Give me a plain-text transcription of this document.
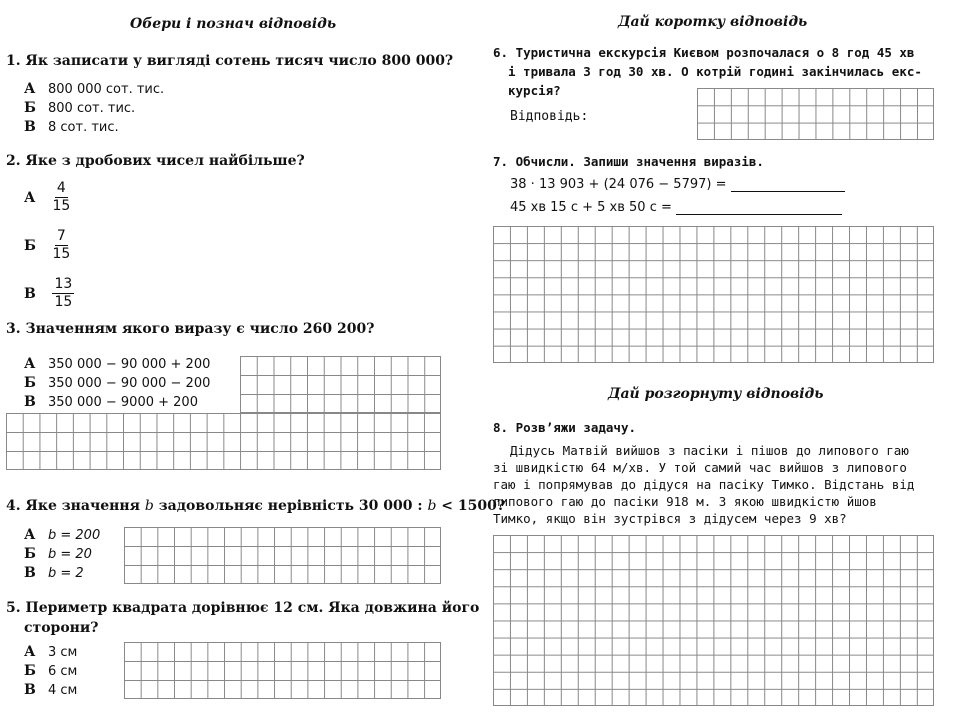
Обери і познач відповідь
1. Як записати у вигляді сотень тисяч число 800 000?
А 800 000 сот. тис.
Б 800 сот. тис.
В 8 сот. тис.
2. Яке з дробових чисел найбільше?
А $\frac{4}{15}$
Б $\frac{7}{15}$
В $\frac{13}{15}$
3. Значенням якого виразу є число 260 200?
А 350 000 − 90 000 + 200
Б 350 000 − 90 000 − 200
В 350 000 − 9000 + 200
4. Яке значення b задовольняє нерівність 30 000 : b < 1500?
А b = 200
Б b = 20
В b = 2
5. Периметр квадрата дорівнює 12 см. Яка довжина його
сторони?
А 3 см
Б 6 см
В 4 см
Дай коротку відповідь
6. Туристична екскурсія Києвом розпочалася о 8 год 45 хв
і тривала 3 год 30 хв. О котрій годині закінчилась екс-
курсія?
Відповідь:
7. Обчисли. Запиши значення виразів.
38 · 13 903 + (24 076 − 5797) =
45 хв 15 с + 5 хв 50 с =
Дай розгорнуту відповідь
8. Розв’яжи задачу.
Дідусь Матвій вийшов з пасіки і пішов до липового гаю
зі швидкістю 64 м/хв. У той самий час вийшов з липового
гаю і попрямував до дідуся на пасіку Тимко. Відстань від
липового гаю до пасіки 918 м. З якою швидкістю йшов
Тимко, якщо він зустрівся з дідусем через 9 хв?
